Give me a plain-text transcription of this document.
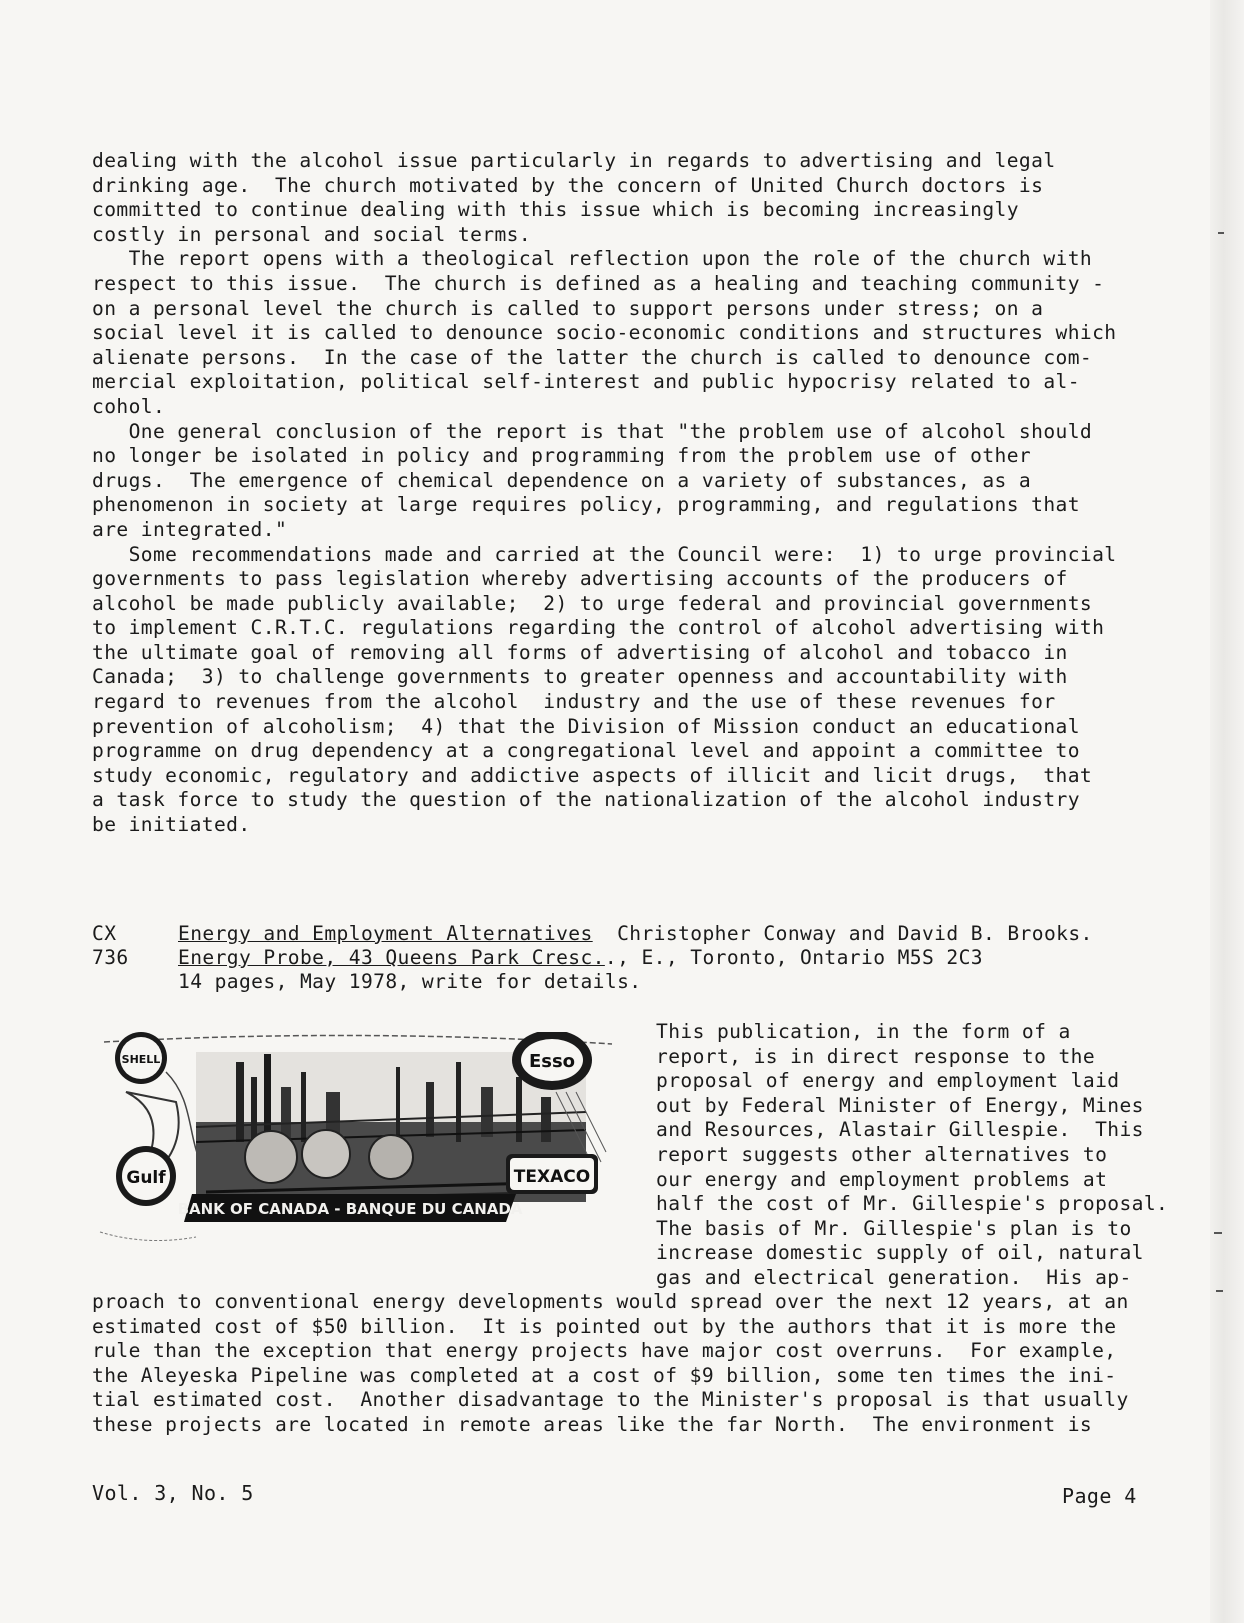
dealing with the alcohol issue particularly in regards to advertising and legal
drinking age.  The church motivated by the concern of United Church doctors is
committed to continue dealing with this issue which is becoming increasingly
costly in personal and social terms.
The report opens with a theological reflection upon the role of the church with
respect to this issue.  The church is defined as a healing and teaching community -
on a personal level the church is called to support persons under stress; on a
social level it is called to denounce socio-economic conditions and structures which
alienate persons.  In the case of the latter the church is called to denounce com-
mercial exploitation, political self-interest and public hypocrisy related to al-
cohol.
One general conclusion of the report is that "the problem use of alcohol should
no longer be isolated in policy and programming from the problem use of other
drugs.  The emergence of chemical dependence on a variety of substances, as a
phenomenon in society at large requires policy, programming, and regulations that
are integrated."
Some recommendations made and carried at the Council were:  1) to urge provincial
governments to pass legislation whereby advertising accounts of the producers of
alcohol be made publicly available;  2) to urge federal and provincial governments
to implement C.R.T.C. regulations regarding the control of alcohol advertising with
the ultimate goal of removing all forms of advertising of alcohol and tobacco in
Canada;  3) to challenge governments to greater openness and accountability with
regard to revenues from the alcohol  industry and the use of these revenues for
prevention of alcoholism;  4) that the Division of Mission conduct an educational
programme on drug dependency at a congregational level and appoint a committee to
study economic, regulatory and addictive aspects of illicit and licit drugs,  that
a task force to study the question of the nationalization of the alcohol industry
be initiated.
CX
736
Energy and Employment Alternatives  Christopher Conway and David B. Brooks.
Energy Probe, 43 Queens Park Cresc.., E., Toronto, Ontario M5S 2C3
14 pages, May 1978, write for details.
SHELL	Esso
Gulf	TEXACO
BANK OF CANADA - BANQUE DU CANADA
This publication, in the form of a
report, is in direct response to the
proposal of energy and employment laid
out by Federal Minister of Energy, Mines
and Resources, Alastair Gillespie.  This
report suggests other alternatives to
our energy and employment problems at
half the cost of Mr. Gillespie's proposal.
The basis of Mr. Gillespie's plan is to
increase domestic supply of oil, natural
gas and electrical generation.  His ap-
proach to conventional energy developments would spread over the next 12 years, at an
estimated cost of $50 billion.  It is pointed out by the authors that it is more the
rule than the exception that energy projects have major cost overruns.  For example,
the Aleyeska Pipeline was completed at a cost of $9 billion, some ten times the ini-
tial estimated cost.  Another disadvantage to the Minister's proposal is that usually
these projects are located in remote areas like the far North.  The environment is
Vol. 3, No. 5	Page 4
